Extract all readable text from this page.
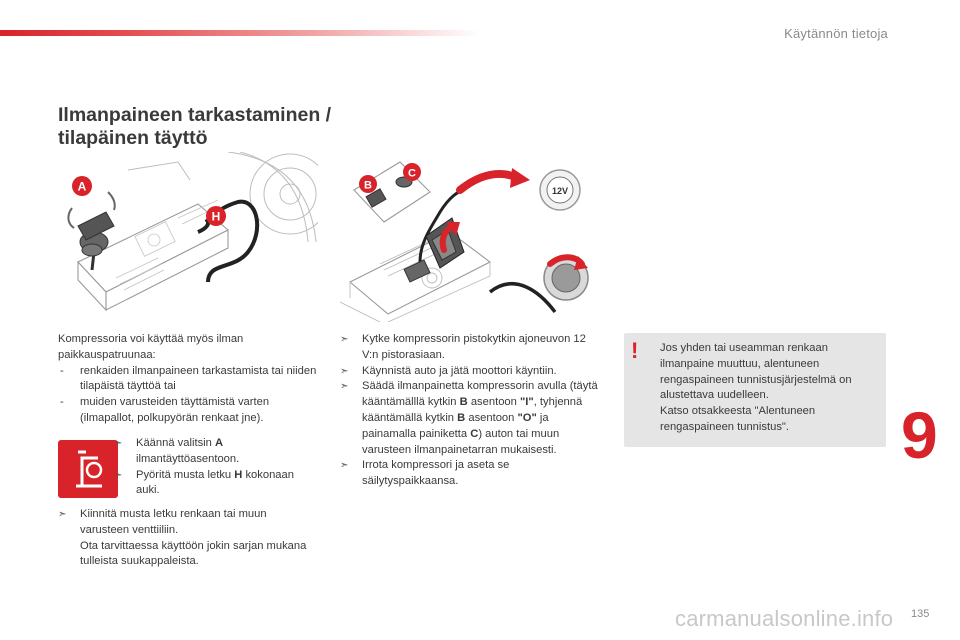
Käytännön tietoja
Ilmanpaineen tarkastaminen /
tilapäinen täyttö
A
H
12V
B
C
Kompressoria voi käyttää myös ilman paikkauspatruunaa:
- renkaiden ilmanpaineen tarkastamista tai niiden tilapäistä täyttöä tai
- muiden varusteiden täyttämistä varten (ilmapallot, polkupyörän renkaat jne).
➣ Käännä valitsin A ilmantäyttöasentoon.
➣ Pyöritä musta letku H kokonaan auki.
➣ Kiinnitä musta letku renkaan tai muun varusteen venttiiliin.
Ota tarvittaessa käyttöön jokin sarjan mukana tulleista suukappaleista.
➣ Kytke kompressorin pistokytkin ajoneuvon 12 V:n pistorasiaan.
➣ Käynnistä auto ja jätä moottori käyntiin.
➣ Säädä ilmanpainetta kompressorin avulla (täytä kääntämälllä kytkin B asentoon "I", tyhjennä kääntämällä kytkin B asentoon "O" ja painamalla painiketta C) auton tai muun varusteen ilmanpainetarran mukaisesti.
➣ Irrota kompressori ja aseta se säilytyspaikkaansa.
! Jos yhden tai useamman renkaan ilmanpaine muuttuu, alentuneen rengaspaineen tunnistusjärjestelmä on alustettava uudelleen.
Katso otsakkeesta "Alentuneen rengaspaineen tunnistus".	9
carmanualsonline.info 135
